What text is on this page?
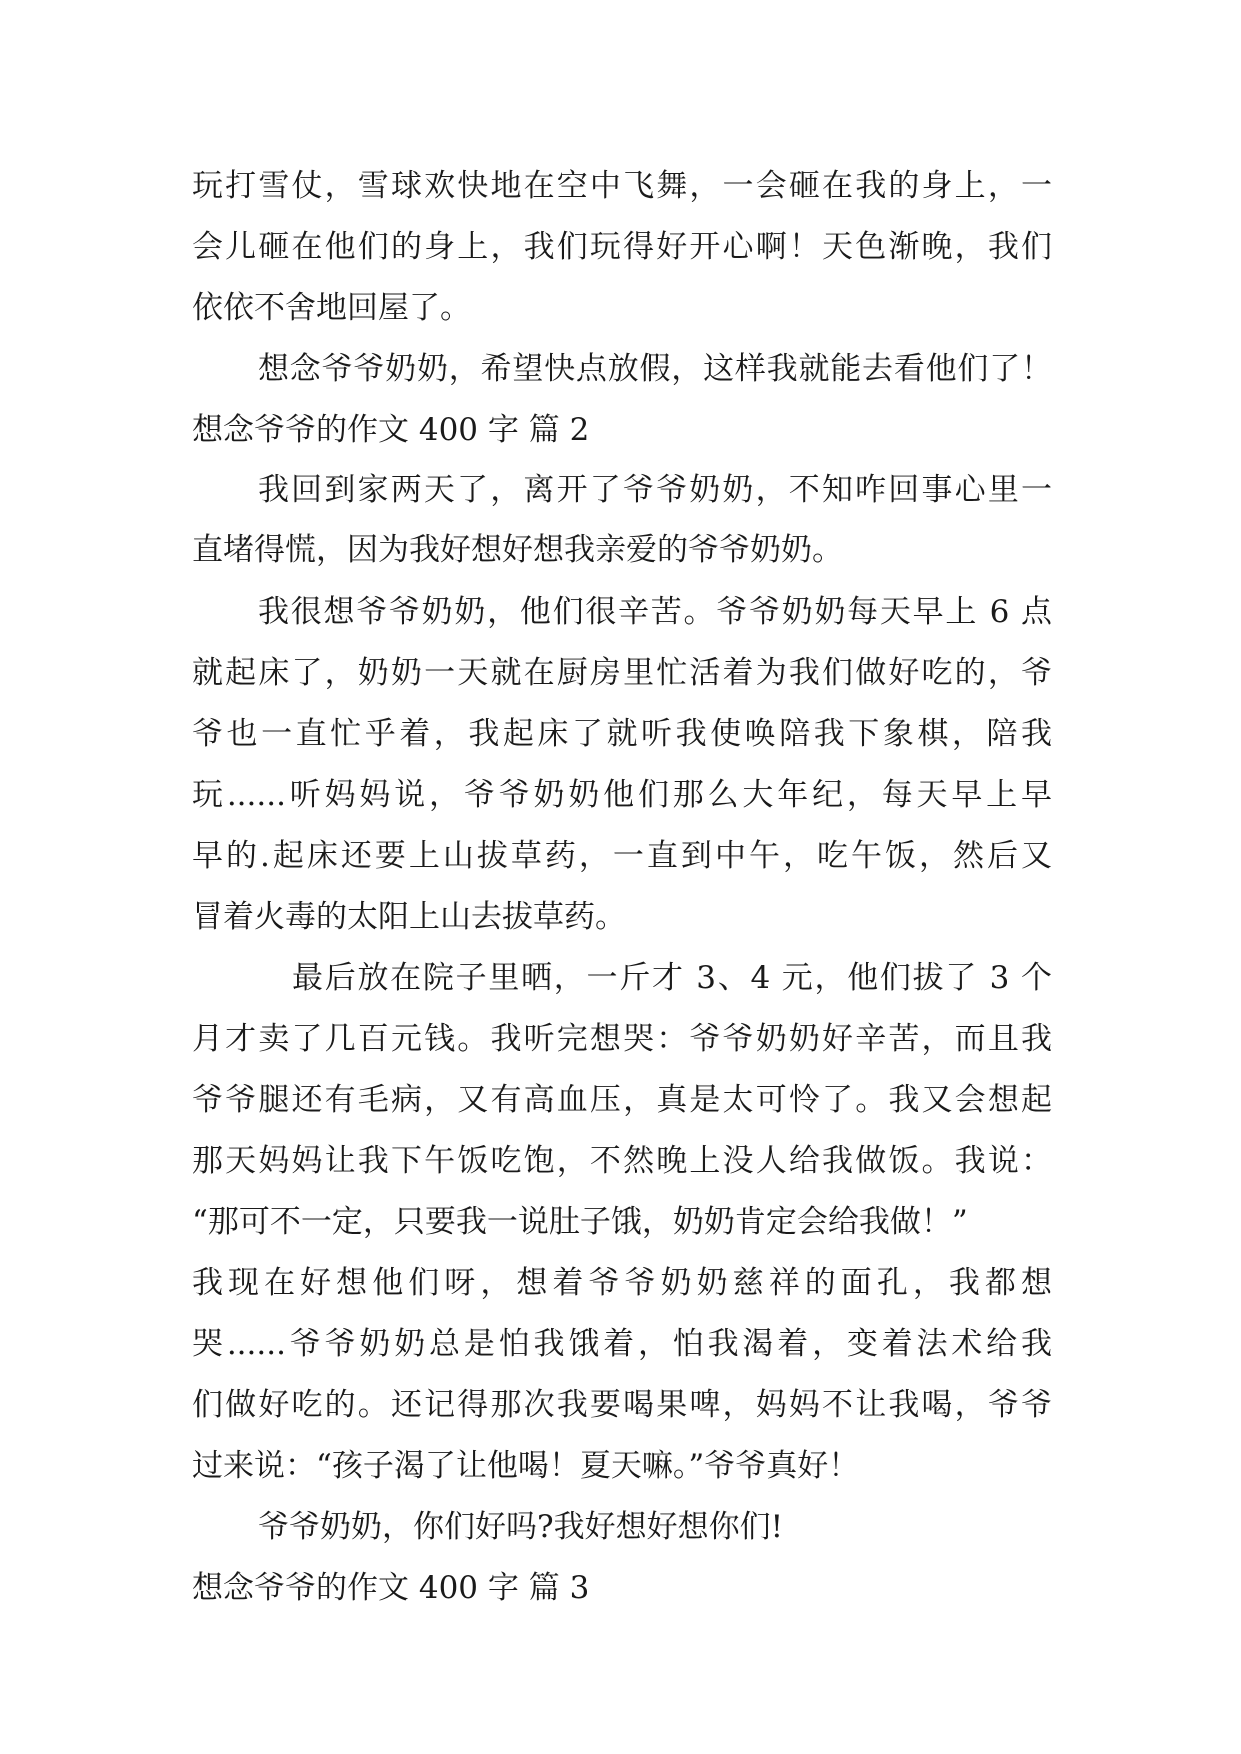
玩打雪仗，雪球欢快地在空中飞舞，一会砸在我的身上，一
会儿砸在他们的身上，我们玩得好开心啊！天色渐晚，我们
依依不舍地回屋了。
想念爷爷奶奶，希望快点放假，这样我就能去看他们了！
想念爷爷的作文 400 字 篇 2
我回到家两天了，离开了爷爷奶奶，不知咋回事心里一
直堵得慌，因为我好想好想我亲爱的爷爷奶奶。
我很想爷爷奶奶，他们很辛苦。爷爷奶奶每天早上 6 点
就起床了，奶奶一天就在厨房里忙活着为我们做好吃的，爷
爷也一直忙乎着，我起床了就听我使唤陪我下象棋，陪我
玩......听妈妈说，爷爷奶奶他们那么大年纪，每天早上早
早的.起床还要上山拔草药，一直到中午，吃午饭，然后又
冒着火毒的太阳上山去拔草药。
最后放在院子里晒，一斤才 3、4 元，他们拔了 3 个
月才卖了几百元钱。我听完想哭：爷爷奶奶好辛苦，而且我
爷爷腿还有毛病，又有高血压，真是太可怜了。我又会想起
那天妈妈让我下午饭吃饱，不然晚上没人给我做饭。我说：
“那可不一定，只要我一说肚子饿，奶奶肯定会给我做！”
我现在好想他们呀，想着爷爷奶奶慈祥的面孔，我都想
哭......爷爷奶奶总是怕我饿着，怕我渴着，变着法术给我
们做好吃的。还记得那次我要喝果啤，妈妈不让我喝，爷爷
过来说：“孩子渴了让他喝！夏天嘛。”爷爷真好！
爷爷奶奶，你们好吗?我好想好想你们!
想念爷爷的作文 400 字 篇 3
